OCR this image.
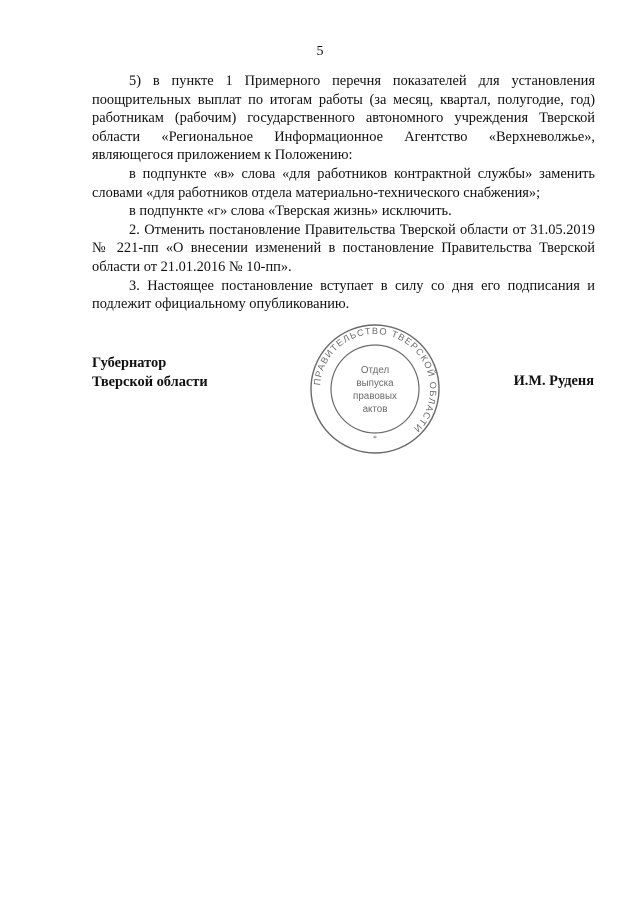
5

5) в пункте 1 Примерного перечня показателей для установления поощрительных выплат по итогам работы (за месяц, квартал, полугодие, год) работникам (рабочим) государственного автономного учреждения Тверской области «Региональное Информационное Агентство «Верхневолжье», являющегося приложением к Положению:

в подпункте «в» слова «для работников контрактной службы» заменить словами «для работников отдела материально-технического снабжения»;

в подпункте «г» слова «Тверская жизнь» исключить.

2. Отменить постановление Правительства Тверской области от 31.05.2019 № 221-пп «О внесении изменений в постановление Правительства Тверской области от 21.01.2016 № 10-пп».

3. Настоящее постановление вступает в силу со дня его подписания и подлежит официальному опубликованию.

Губернатор
Тверской области	И.М. Руденя
ПРАВИТЕЛЬСТВО ТВЕРСКОЙ ОБЛАСТИ
*
Отдел
выпуска
правовых
актов
